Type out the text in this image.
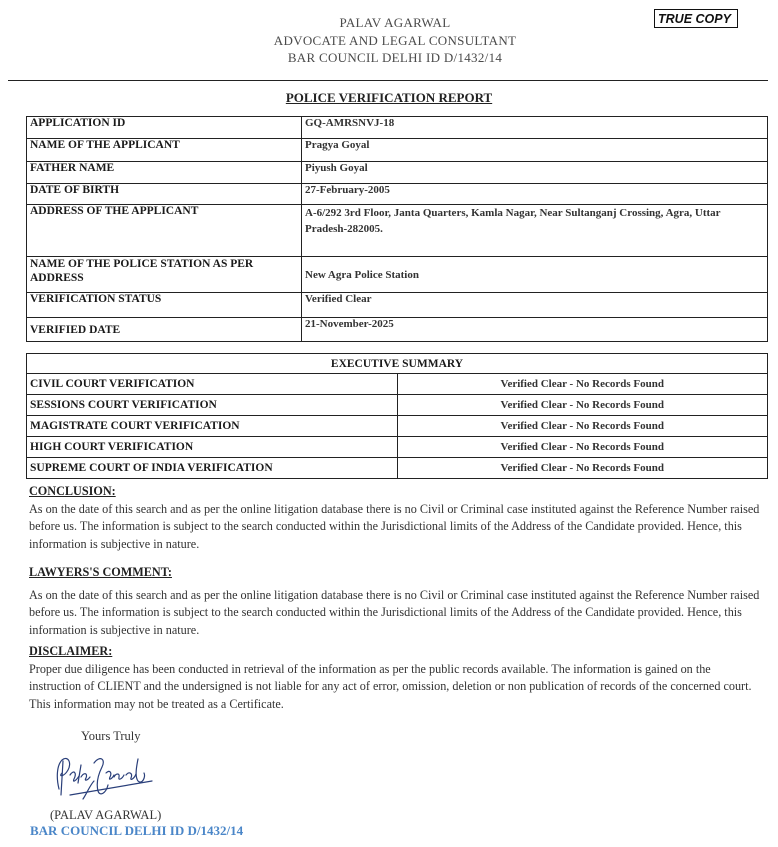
PALAV AGARWAL
ADVOCATE AND LEGAL CONSULTANT
BAR COUNCIL DELHI ID D/1432/14
TRUE COPY
POLICE VERIFICATION REPORT
APPLICATION ID	GQ-AMRSNVJ-18
NAME OF THE APPLICANT	Pragya Goyal
FATHER NAME	Piyush Goyal
DATE OF BIRTH	27-February-2005
ADDRESS OF THE APPLICANT	A-6/292 3rd Floor, Janta Quarters, Kamla Nagar, Near Sultanganj Crossing, Agra, Uttar Pradesh-282005.
NAME OF THE POLICE STATION AS PER ADDRESS	New Agra Police Station
VERIFICATION STATUS	Verified Clear
VERIFIED DATE	21-November-2025
EXECUTIVE SUMMARY	
CIVIL COURT VERIFICATION	Verified Clear - No Records Found
SESSIONS COURT VERIFICATION	Verified Clear - No Records Found
MAGISTRATE COURT VERIFICATION	Verified Clear - No Records Found
HIGH COURT VERIFICATION	Verified Clear - No Records Found
SUPREME COURT OF INDIA VERIFICATION	Verified Clear - No Records Found
CONCLUSION:
As on the date of this search and as per the online litigation database there is no Civil or Criminal case instituted against the Reference Number raised before us. The information is subject to the search conducted within the Jurisdictional limits of the Address of the Candidate provided. Hence, this information is subjective in nature.
LAWYERS'S COMMENT:
As on the date of this search and as per the online litigation database there is no Civil or Criminal case instituted against the Reference Number raised before us. The information is subject to the search conducted within the Jurisdictional limits of the Address of the Candidate provided. Hence, this information is subjective in nature.
DISCLAIMER:
Proper due diligence has been conducted in retrieval of the information as per the public records available. The information is gained on the instruction of CLIENT and the undersigned is not liable for any act of error, omission, deletion or non publication of records of the concerned court. This information may not be treated as a Certificate.
Yours Truly
(PALAV AGARWAL)
BAR COUNCIL DELHI ID D/1432/14
